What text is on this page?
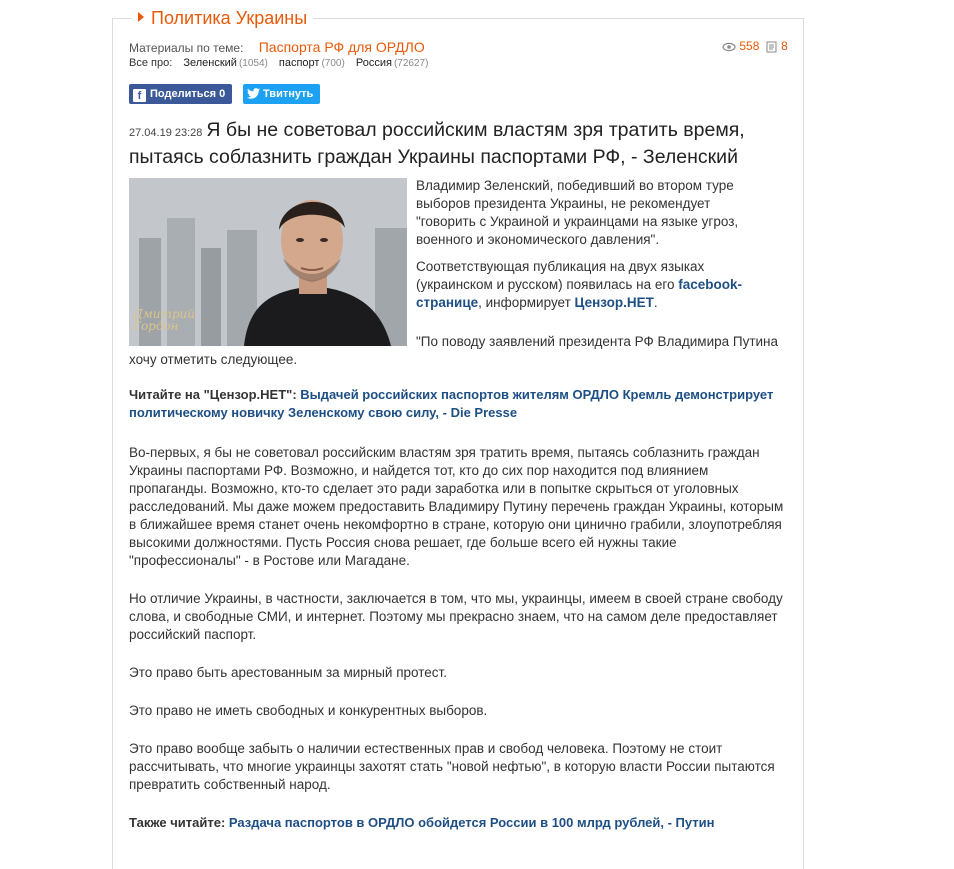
Политика Украины
Материалы по теме: Паспорта РФ для ОРДЛО
Все про: Зеленский (1054) паспорт (700) Россия (72627)
558 8
f Поделиться 0	Твитнуть
27.04.19 23:28 Я бы не советовал российским властям зря тратить время, пытаясь соблазнить граждан Украины паспортами РФ, - Зеленский
Дмитрий Гордон

Владимир Зеленский, победивший во втором туре выборов президента Украины, не рекомендует "говорить с Украиной и украинцами на языке угроз, военного и экономического давления".

Соответствующая публикация на двух языках (украинском и русском) появилась на его facebook-странице, информирует Цензор.НЕТ.

"По поводу заявлений президента РФ Владимира Путина хочу отметить следующее.

Читайте на "Цензор.НЕТ": Выдачей российских паспортов жителям ОРДЛО Кремль демонстрирует политическому новичку Зеленскому свою силу, - Die Presse

Во-первых, я бы не советовал российским властям зря тратить время, пытаясь соблазнить граждан Украины паспортами РФ. Возможно, и найдется тот, кто до сих пор находится под влиянием пропаганды. Возможно, кто-то сделает это ради заработка или в попытке скрыться от уголовных расследований. Мы даже можем предоставить Владимиру Путину перечень граждан Украины, которым в ближайшее время станет очень некомфортно в стране, которую они цинично грабили, злоупотребляя высокими должностями. Пусть Россия снова решает, где больше всего ей нужны такие "профессионалы" - в Ростове или Магадане.

Но отличие Украины, в частности, заключается в том, что мы, украинцы, имеем в своей стране свободу слова, и свободные СМИ, и интернет. Поэтому мы прекрасно знаем, что на самом деле предоставляет российский паспорт.

Это право быть арестованным за мирный протест.

Это право не иметь свободных и конкурентных выборов.

Это право вообще забыть о наличии естественных прав и свобод человека. Поэтому не стоит рассчитывать, что многие украинцы захотят стать "новой нефтью", в которую власти России пытаются превратить собственный народ.

Также читайте: Раздача паспортов в ОРДЛО обойдется России в 100 млрд рублей, - Путин
